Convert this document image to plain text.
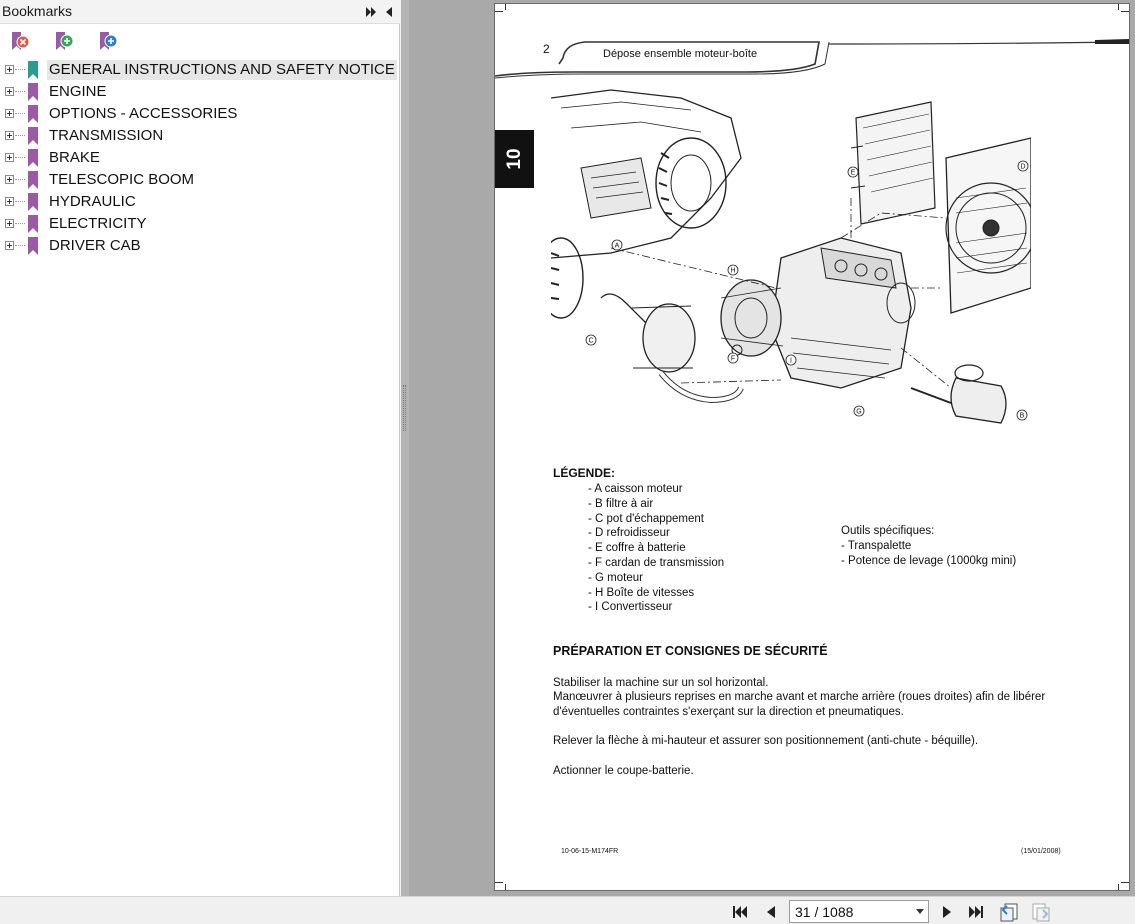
Bookmarks
GENERAL INSTRUCTIONS AND SAFETY NOTICE
ENGINE
OPTIONS - ACCESSORIES
TRANSMISSION
BRAKE
TELESCOPIC BOOM
HYDRAULIC
ELECTRICITY
DRIVER CAB
2	Dépose ensemble moteur-boîte
10
A
B
C
D
E
F
G
H
I
LÉGENDE:
- A caisson moteur
- B filtre à air
- C pot d'échappement
- D refroidisseur
- E coffre à batterie
- F cardan de transmission
- G moteur
- H Boîte de vitesses
- I Convertisseur
Outils spécifiques:
- Transpalette
- Potence de levage (1000kg mini)
PRÉPARATION ET CONSIGNES DE SÉCURITÉ
Stabiliser la machine sur un sol horizontal.
Manœuvrer à plusieurs reprises en marche avant et marche arrière (roues droites) afin de libérer
d'éventuelles contraintes s'exerçant sur la direction et pneumatiques.
Relever la flèche à mi-hauteur et assurer son positionnement (anti-chute - béquille).
Actionner le coupe-batterie.
10-06-15-M174FR	(15/01/2008)
31 / 1088
